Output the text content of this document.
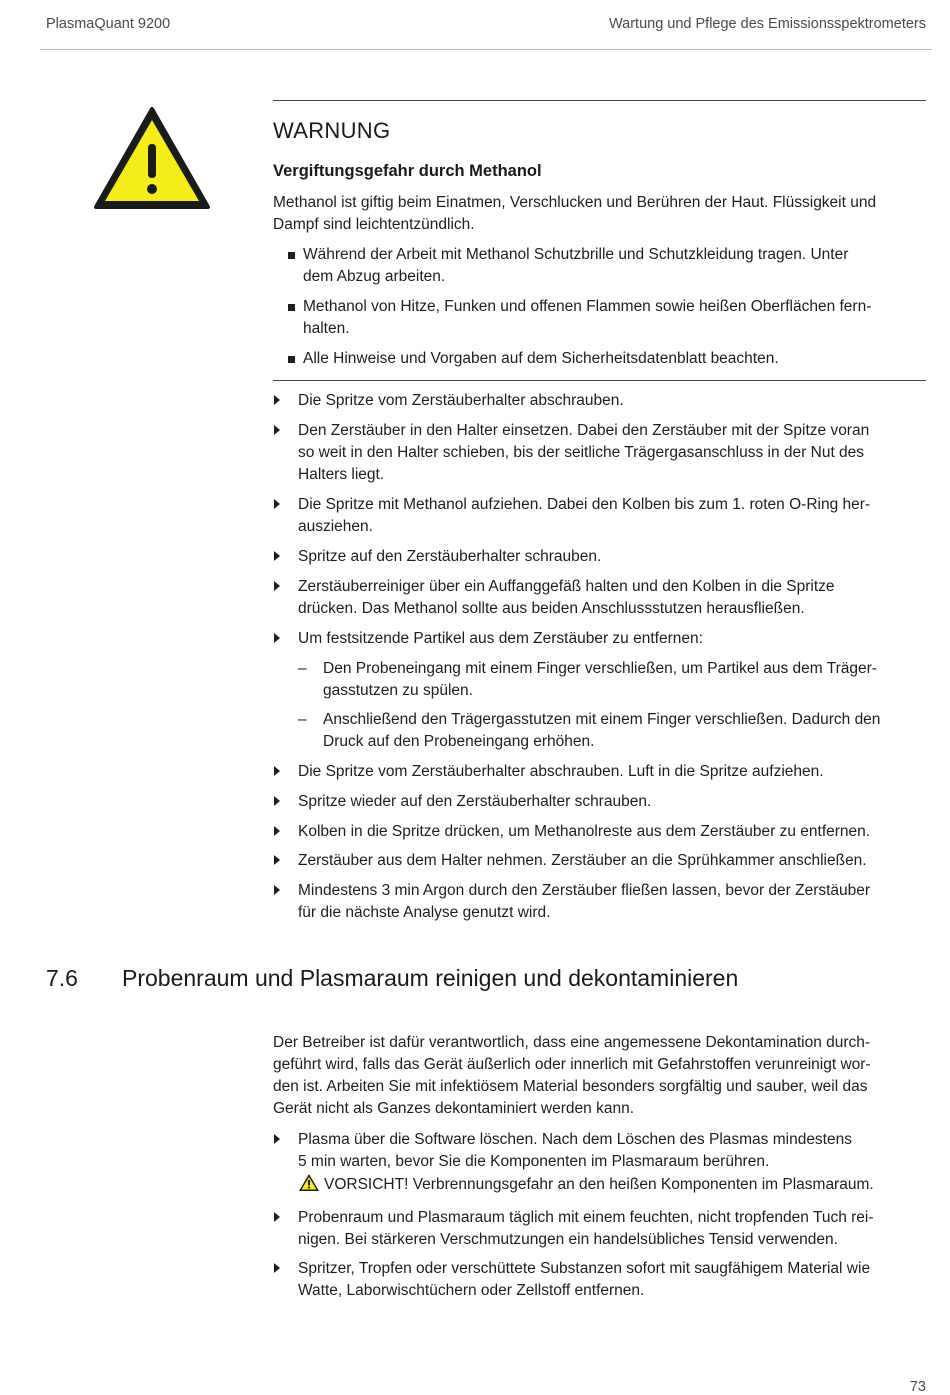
PlasmaQuant 9200	Wartung und Pflege des Emissionsspektrometers
WARNUNG
Vergiftungsgefahr durch Methanol
Methanol ist giftig beim Einatmen, Verschlucken und Berühren der Haut. Flüssigkeit und
Dampf sind leichtentzündlich.
Während der Arbeit mit Methanol Schutzbrille und Schutzkleidung tragen. Unter
dem Abzug arbeiten.
Methanol von Hitze, Funken und offenen Flammen sowie heißen Oberflächen fern-
halten.
Alle Hinweise und Vorgaben auf dem Sicherheitsdatenblatt beachten.
Die Spritze vom Zerstäuberhalter abschrauben.
Den Zerstäuber in den Halter einsetzen. Dabei den Zerstäuber mit der Spitze voran
so weit in den Halter schieben, bis der seitliche Trägergasanschluss in der Nut des
Halters liegt.
Die Spritze mit Methanol aufziehen. Dabei den Kolben bis zum 1. roten O-Ring her-
ausziehen.
Spritze auf den Zerstäuberhalter schrauben.
Zerstäuberreiniger über ein Auffanggefäß halten und den Kolben in die Spritze
drücken. Das Methanol sollte aus beiden Anschlussstutzen herausfließen.
Um festsitzende Partikel aus dem Zerstäuber zu entfernen:
– Den Probeneingang mit einem Finger verschließen, um Partikel aus dem Träger-
gasstutzen zu spülen.
– Anschließend den Trägergasstutzen mit einem Finger verschließen. Dadurch den
Druck auf den Probeneingang erhöhen.
Die Spritze vom Zerstäuberhalter abschrauben. Luft in die Spritze aufziehen.
Spritze wieder auf den Zerstäuberhalter schrauben.
Kolben in die Spritze drücken, um Methanolreste aus dem Zerstäuber zu entfernen.
Zerstäuber aus dem Halter nehmen. Zerstäuber an die Sprühkammer anschließen.
Mindestens 3 min Argon durch den Zerstäuber fließen lassen, bevor der Zerstäuber
für die nächste Analyse genutzt wird.
7.6 Probenraum und Plasmaraum reinigen und dekontaminieren
Der Betreiber ist dafür verantwortlich, dass eine angemessene Dekontamination durch-
geführt wird, falls das Gerät äußerlich oder innerlich mit Gefahrstoffen verunreinigt wor-
den ist. Arbeiten Sie mit infektiösem Material besonders sorgfältig und sauber, weil das
Gerät nicht als Ganzes dekontaminiert werden kann.
Plasma über die Software löschen. Nach dem Löschen des Plasmas mindestens
5 min warten, bevor Sie die Komponenten im Plasmaraum berühren.
VORSICHT! Verbrennungsgefahr an den heißen Komponenten im Plasmaraum.
Probenraum und Plasmaraum täglich mit einem feuchten, nicht tropfenden Tuch rei-
nigen. Bei stärkeren Verschmutzungen ein handelsübliches Tensid verwenden.
Spritzer, Tropfen oder verschüttete Substanzen sofort mit saugfähigem Material wie
Watte, Laborwischtüchern oder Zellstoff entfernen.
73
